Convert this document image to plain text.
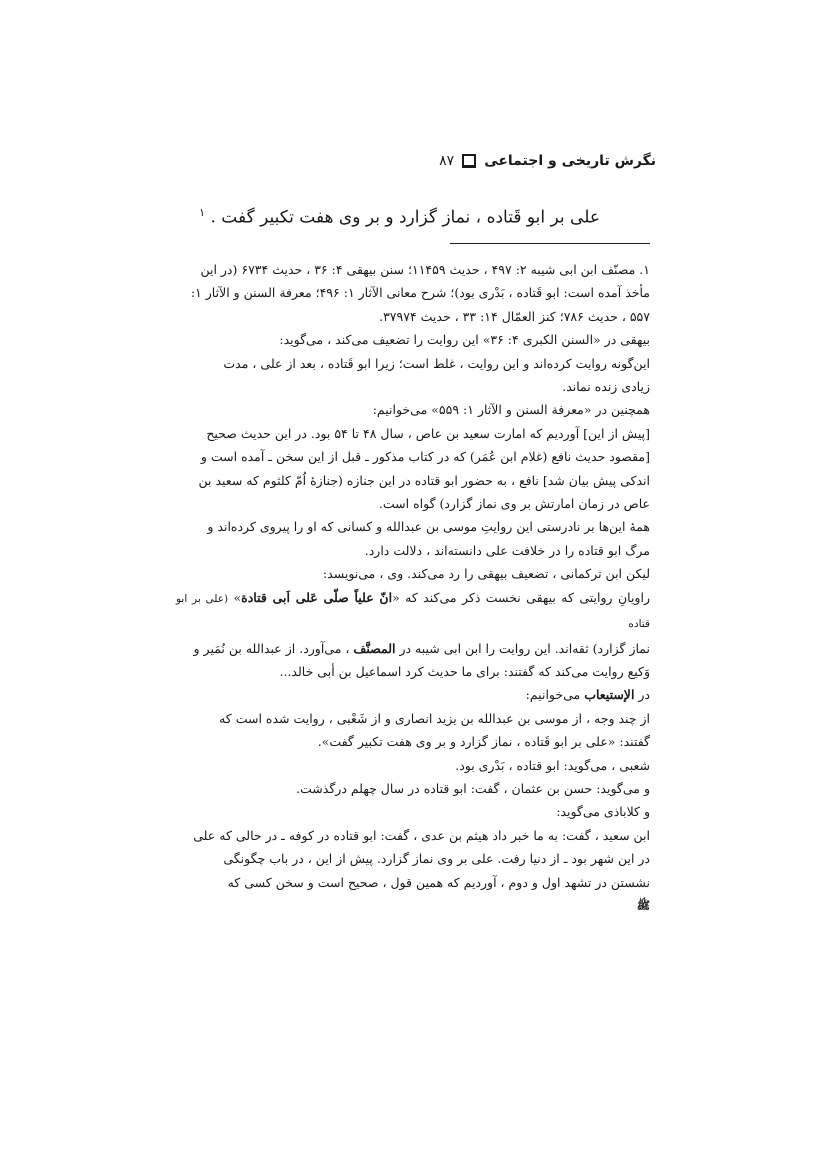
نگرش تاریخی و اجتماعی
۸۷
علی بر ابو قَتاده ، نماز گزارد و بر وی هفت تکبیر گفت . $^۱$

۱. مصنّف ابن ابی شیبه ۲: ۴۹۷ ، حدیث ۱۱۴۵۹؛ سنن بیهقی ۴: ۳۶ ، حدیث ۶۷۳۴ (در این

مأخذ آمده است: ابو قَتاده ، بَدْری بود)؛ شرح معانی الآثار ۱: ۴۹۶؛ معرفة السنن و الآثار ۱:

۵۵۷ ، حدیث ۷۸۶؛ کنز العمّال ۱۴: ۳۳ ، حدیث ۳۷۹۷۴.

بیهقی در «السنن الکبری ۴: ۳۶» این روایت را تضعیف می‌کند ، می‌گوید:

این‌گونه روایت کرده‌اند و این روایت ، غلط است؛ زیرا ابو قَتاده ، بعد از علی ، مدت

زیادی زنده نماند.

همچنین در «معرفة السنن و الآثار ۱: ۵۵۹» می‌خوانیم:

[پیش از این] آوردیم که امارت سعید بن عاص ، سال ۴۸ تا ۵۴ بود. در این حدیث صحیح

[مقصود حدیث نافع (غلام ابن عُمَر) که در کتاب مذکور ـ قبل از این سخن ـ آمده است و

اندکی پیش بیان شد] نافع ، به حضور ابو قتاده در این جنازه (جنازهٔ اُمّ کلثوم که سعید بن

عاص در زمان امارتش بر وی نماز گزارد) گواه است.

همهٔ این‌ها بر نادرستی این روایتِ موسی بن عبدالله و کسانی که او را پیروی کرده‌اند و

مرگ ابو قتاده را در خلافت علی دانسته‌اند ، دلالت دارد.

لیکن ابن ترکمانی ، تضعیف بیهقی را رد می‌کند. وی ، می‌نویسد:

راویانِ روایتی که بیهقی نخست ذکر می‌کند که «انّ علیاً صلّی عَلی اَبی قتادة» (علی بر ابو قتاده

نماز گزارد) ثقه‌اند. این روایت را ابن ابی شیبه در المصنَّف ، می‌آورد. از عبدالله بن نُمَیر و

وَکیع روایت می‌کند که گفتند: برای ما حدیث کرد اسماعیل بن أبی خالد...

در الإستیعاب می‌خوانیم:

از چند وجه ، از موسی بن عبدالله بن یزید انصاری و از شَعْبی ، روایت شده است که

گفتند: «علی بر ابو قَتاده ، نماز گزارد و بر وی هفت تکبیر گفت».

شعبی ، می‌گوید: ابو قتاده ، بَدْری بود.

و می‌گوید: حسن بن عثمان ، گفت: ابو قتاده در سال چهلم درگذشت.

و کلاباذی می‌گوید:

ابن سعید ، گفت: به ما خبر داد هیثم بن عدی ، گفت: ابو قتاده در کوفه ـ در حالی که علی

در این شهر بود ـ از دنیا رفت. علی بر وی نماز گزارد. پیش از این ، در باب چگونگی

نشستن در تشهد اول و دوم ، آوردیم که همین قول ، صحیح است و سخن کسی که

ﷺ
